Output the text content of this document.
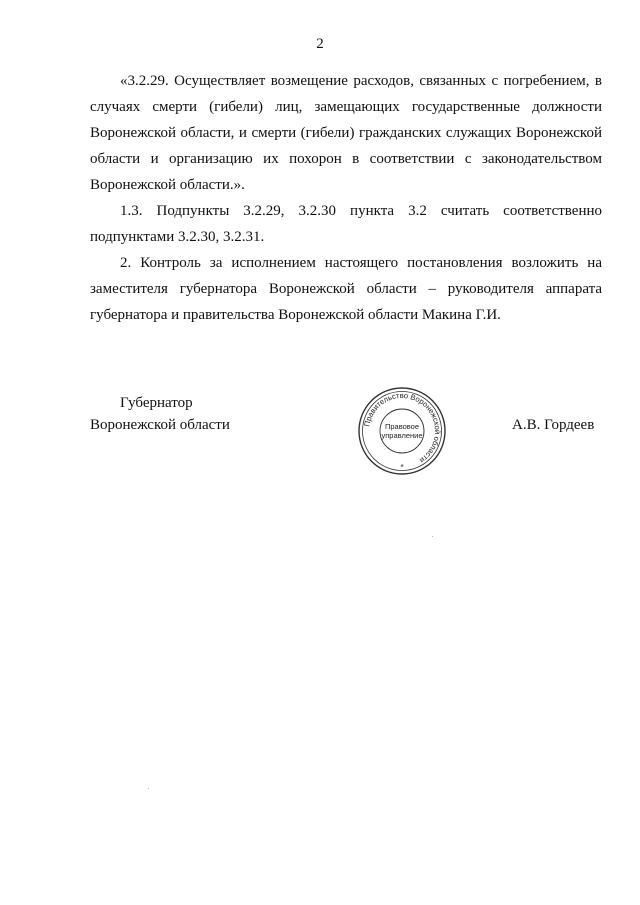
2

«3.2.29. Осуществляет возмещение расходов, связанных с погребением, в случаях смерти (гибели) лиц, замещающих государственные должности Воронежской области, и смерти (гибели) гражданских служащих Воронежской области и организацию их похорон в соответствии с законодательством Воронежской области.».

1.3. Подпункты 3.2.29, 3.2.30 пункта 3.2 считать соответственно подпунктами 3.2.30, 3.2.31.

2. Контроль за исполнением настоящего постановления возложить на заместителя губернатора Воронежской области – руководителя аппарата губернатора и правительства Воронежской области Макина Г.И.

Губернатор
Воронежской области	Правительство Воронежской области
Правовое
управление
*
А.В. Гордеев
